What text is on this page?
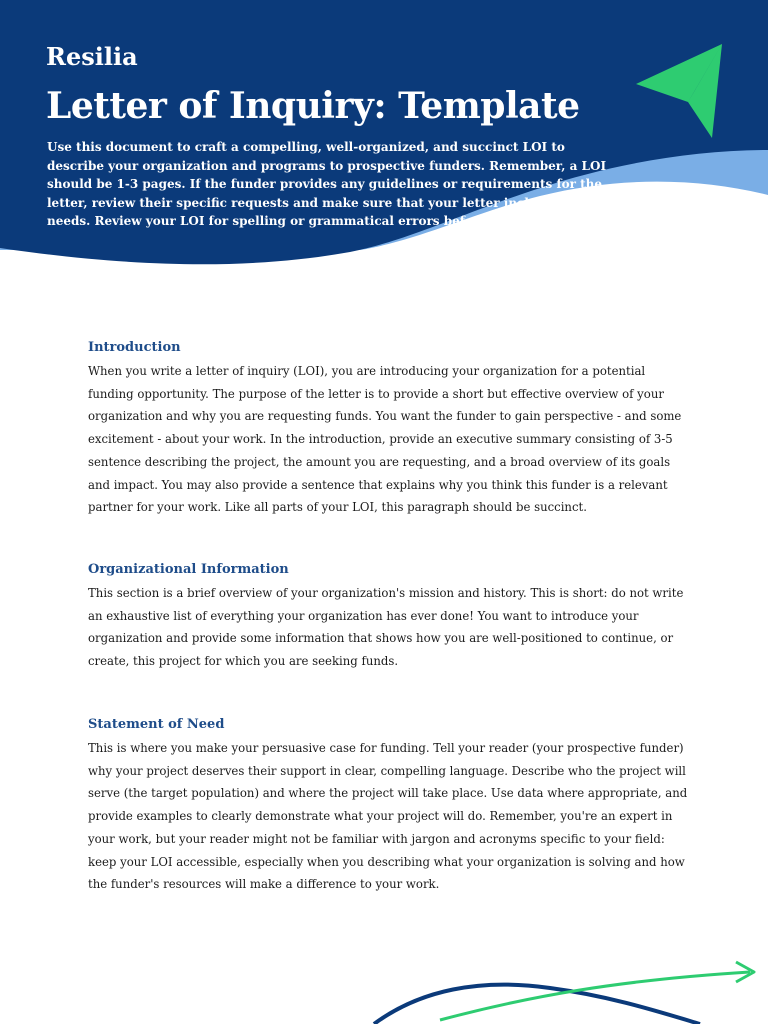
Resilia
Letter of Inquiry: Template

Use this document to craft a compelling, well-organized, and succinct LOI to describe your organization and programs to prospective funders. Remember, a LOI should be 1-3 pages. If the funder provides any guidelines or requirements for the letter, review their specific requests and make sure that your letter includes those needs. Review your LOI for spelling or grammatical errors before submitting!

Introduction

When you write a letter of inquiry (LOI), you are introducing your organization for a potential funding opportunity. The purpose of the letter is to provide a short but effective overview of your organization and why you are requesting funds. You want the funder to gain perspective - and some excitement - about your work. In the introduction, provide an executive summary consisting of 3-5 sentence describing the project, the amount you are requesting, and a broad overview of its goals and impact. You may also provide a sentence that explains why you think this funder is a relevant partner for your work. Like all parts of your LOI, this paragraph should be succinct.

Organizational Information

This section is a brief overview of your organization's mission and history. This is short: do not write an exhaustive list of everything your organization has ever done! You want to introduce your organization and provide some information that shows how you are well-positioned to continue, or create, this project for which you are seeking funds.

Statement of Need

This is where you make your persuasive case for funding. Tell your reader (your prospective funder) why your project deserves their support in clear, compelling language. Describe who the project will serve (the target population) and where the project will take place. Use data where appropriate, and provide examples to clearly demonstrate what your project will do. Remember, you're an expert in your work, but your reader might not be familiar with jargon and acronyms specific to your field: keep your LOI accessible, especially when you describing what your organization is solving and how the funder's resources will make a difference to your work.
